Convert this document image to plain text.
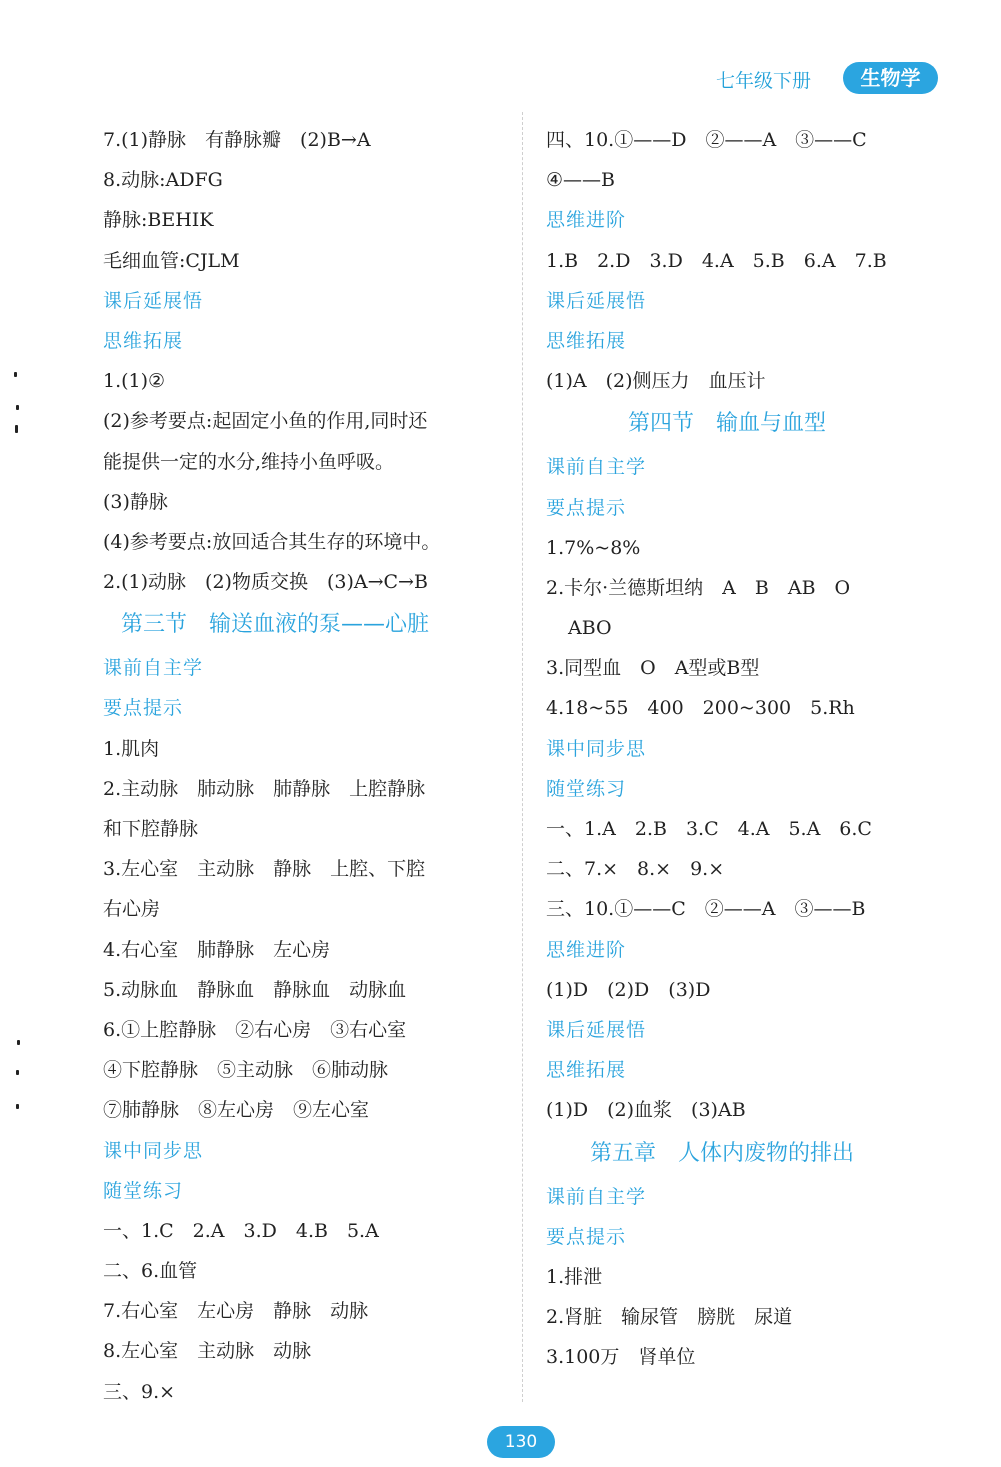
七年级下册	生物学
7.(1)静脉　有静脉瓣　(2)B→A
8.动脉:ADFG
静脉:BEHIK
毛细血管:CJLM
课后延展悟
思维拓展
1.(1)②
(2)参考要点:起固定小鱼的作用,同时还
能提供一定的水分,维持小鱼呼吸。
(3)静脉
(4)参考要点:放回适合其生存的环境中。
2.(1)动脉　(2)物质交换　(3)A→C→B
第三节　输送血液的泵——心脏
课前自主学
要点提示
1.肌肉
2.主动脉　肺动脉　肺静脉　上腔静脉
和下腔静脉
3.左心室　主动脉　静脉　上腔、下腔
右心房
4.右心室　肺静脉　左心房
5.动脉血　静脉血　静脉血　动脉血
6.①上腔静脉　②右心房　③右心室
④下腔静脉　⑤主动脉　⑥肺动脉
⑦肺静脉　⑧左心房　⑨左心室
课中同步思
随堂练习
一、1.C　2.A　3.D　4.B　5.A
二、6.血管
7.右心室　左心房　静脉　动脉
8.左心室　主动脉　动脉
三、9.×
四、10.①——D　②——A　③——C
④——B
思维进阶
1.B　2.D　3.D　4.A　5.B　6.A　7.B
课后延展悟
思维拓展
(1)A　(2)侧压力　血压计
第四节　输血与血型
课前自主学
要点提示
1.7%~8%
2.卡尔·兰德斯坦纳　A　B　AB　O
ABO
3.同型血　O　A型或B型
4.18~55　400　200~300　5.Rh
课中同步思
随堂练习
一、1.A　2.B　3.C　4.A　5.A　6.C
二、7.×　8.×　9.×
三、10.①——C　②——A　③——B
思维进阶
(1)D　(2)D　(3)D
课后延展悟
思维拓展
(1)D　(2)血浆　(3)AB
第五章　人体内废物的排出
课前自主学
要点提示
1.排泄
2.肾脏　输尿管　膀胱　尿道
3.100万　肾单位
130
